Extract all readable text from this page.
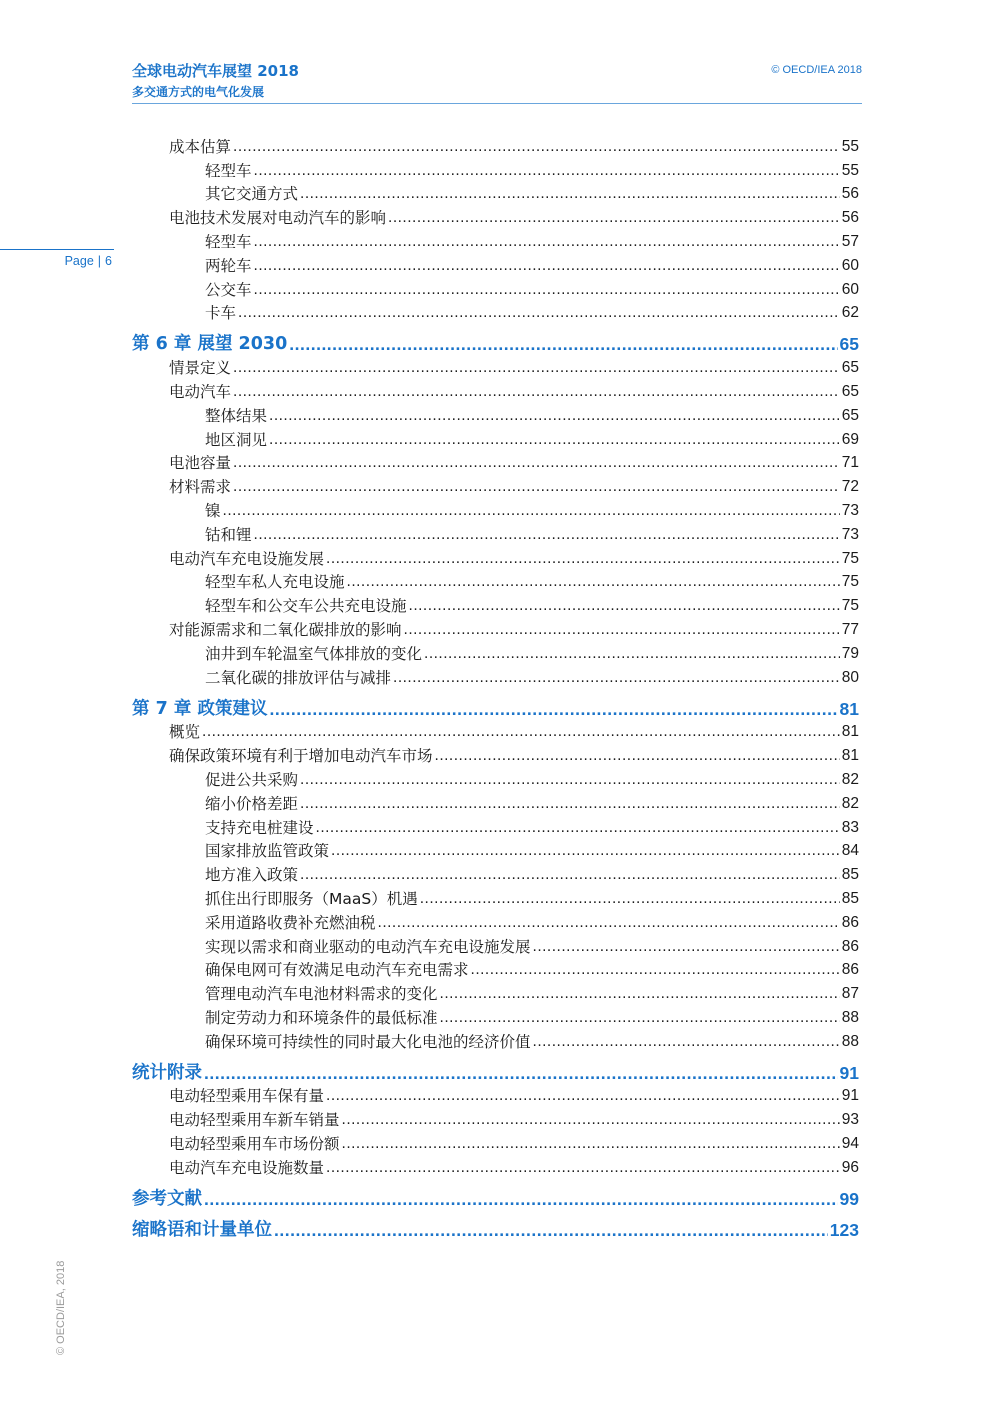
全球电动汽车展望 2018
多交通方式的电气化发展
© OECD/IEA 2018
Page | 6
© OECD/IEA, 2018
成本估算 .....	55
轻型车 .....	55
其它交通方式 .....	56
电池技术发展对电动汽车的影响 .....	56
轻型车 .....	57
两轮车 .....	60
公交车 .....	60
卡车 .....	62
第 6 章 展望 2030 .....	65
情景定义 .....	65
电动汽车 .....	65
整体结果 .....	65
地区洞见 .....	69
电池容量 .....	71
材料需求 .....	72
镍 .....	73
钴和锂 .....	73
电动汽车充电设施发展 .....	75
轻型车私人充电设施 .....	75
轻型车和公交车公共充电设施 .....	75
对能源需求和二氧化碳排放的影响 .....	77
油井到车轮温室气体排放的变化 .....	79
二氧化碳的排放评估与减排 .....	80
第 7 章 政策建议 .....	81
概览 .....	81
确保政策环境有利于增加电动汽车市场 .....	81
促进公共采购 .....	82
缩小价格差距 .....	82
支持充电桩建设 .....	83
国家排放监管政策 .....	84
地方准入政策 .....	85
抓住出行即服务（MaaS）机遇 .....	85
采用道路收费补充燃油税 .....	86
实现以需求和商业驱动的电动汽车充电设施发展 .....	86
确保电网可有效满足电动汽车充电需求 .....	86
管理电动汽车电池材料需求的变化 .....	87
制定劳动力和环境条件的最低标准 .....	88
确保环境可持续性的同时最大化电池的经济价值 .....	88
统计附录 .....	91
电动轻型乘用车保有量 .....	91
电动轻型乘用车新车销量 .....	93
电动轻型乘用车市场份额 .....	94
电动汽车充电设施数量 .....	96
参考文献 .....	99
缩略语和计量单位 .....	123
